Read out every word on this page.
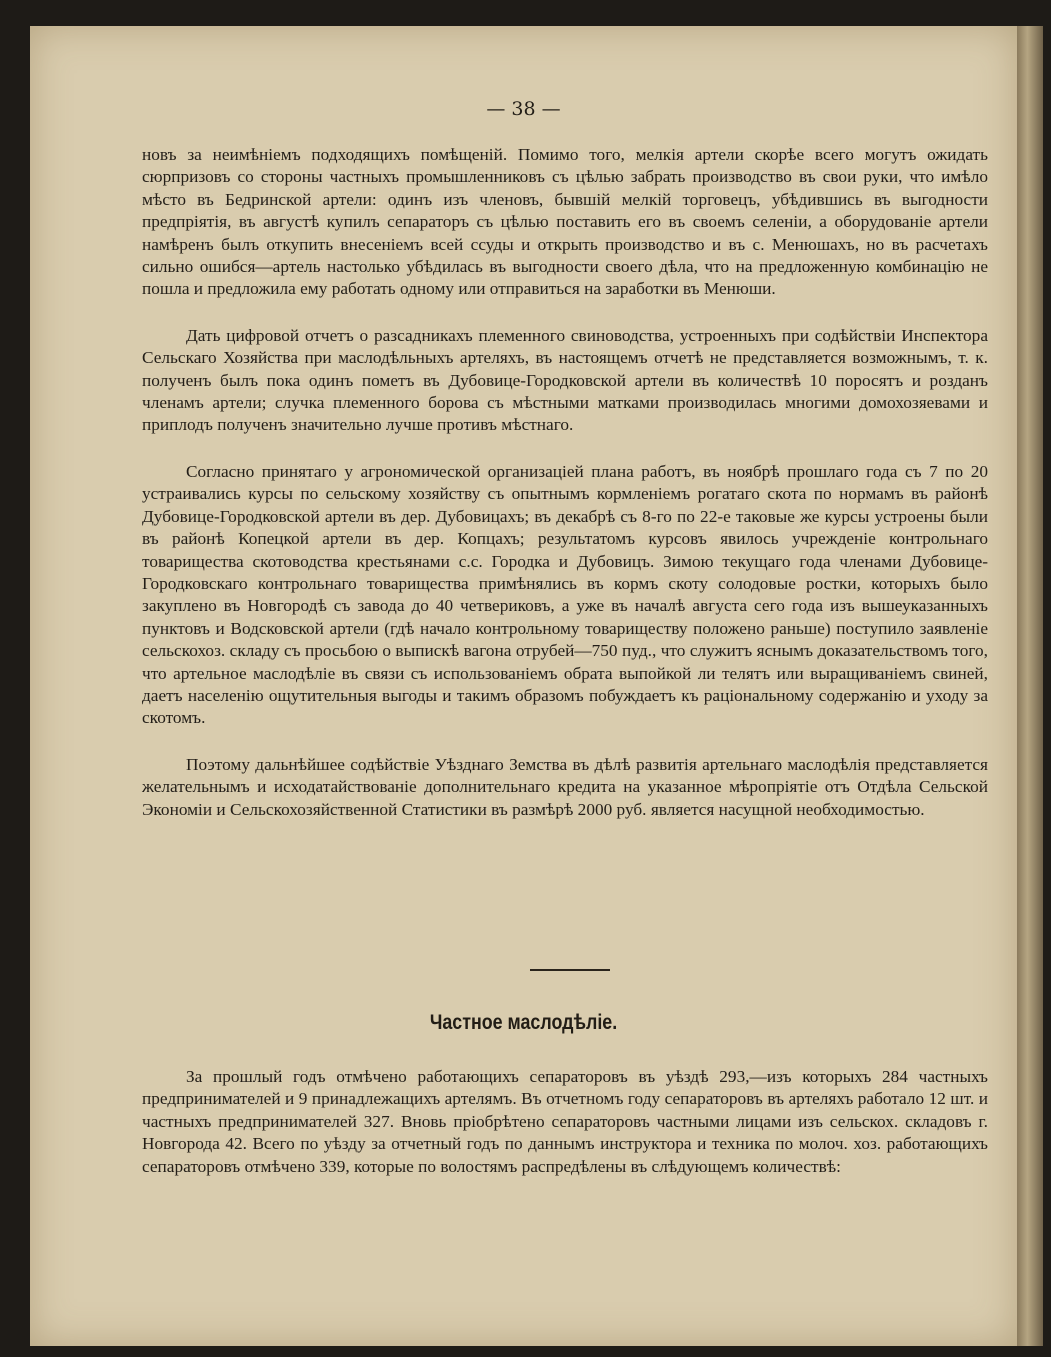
— 38 —

новъ за неимѣніемъ подходящихъ помѣщеній. Помимо того, мелкія артели скорѣе всего могутъ ожидать сюрпризовъ со стороны частныхъ промышленниковъ съ цѣлью забрать производство въ свои руки, что имѣло мѣсто въ Бедринской артели: одинъ изъ членовъ, бывшій мелкій торговецъ, убѣдившись въ выгодности предпріятія, въ августѣ купилъ сепараторъ съ цѣлью поставить его въ своемъ селеніи, а оборудованіе артели намѣренъ былъ откупить внесеніемъ всей ссуды и открыть производство и въ с. Менюшахъ, но въ расчетахъ сильно ошибся—артель настолько убѣдилась въ выгодности своего дѣла, что на предложенную комбинацію не пошла и предложила ему работать одному или отправиться на заработки въ Менюши.

Дать цифровой отчетъ о разсадникахъ племенного свиноводства, устроенныхъ при содѣйствіи Инспектора Сельскаго Хозяйства при маслодѣльныхъ артеляхъ, въ настоящемъ отчетѣ не представляется возможнымъ, т. к. полученъ былъ пока одинъ пометъ въ Дубовице-Городковской артели въ количествѣ 10 поросятъ и розданъ членамъ артели; случка племенного борова съ мѣстными матками производилась многими домохозяевами и приплодъ полученъ значительно лучше противъ мѣстнаго.

Согласно принятаго у агрономической организаціей плана работъ, въ ноябрѣ прошлаго года съ 7 по 20 устраивались курсы по сельскому хозяйству съ опытнымъ кормленіемъ рогатаго скота по нормамъ въ районѣ Дубовице-Городковской артели въ дер. Дубовицахъ; въ декабрѣ съ 8-го по 22-е таковые же курсы устроены были въ районѣ Копецкой артели въ дер. Копцахъ; результатомъ курсовъ явилось учрежденіе контрольнаго товарищества скотоводства крестьянами с.с. Городка и Дубовицъ. Зимою текущаго года членами Дубовице-Городковскаго контрольнаго товарищества примѣнялись въ кормъ скоту солодовые ростки, которыхъ было закуплено въ Новгородѣ съ завода до 40 четвериковъ, а уже въ началѣ августа сего года изъ вышеуказанныхъ пунктовъ и Водсковской артели (гдѣ начало контрольному товариществу положено раньше) поступило заявленіе сельскохоз. складу съ просьбою о выпискѣ вагона отрубей—750 пуд., что служитъ яснымъ доказательствомъ того, что артельное маслодѣліе въ связи съ использованіемъ обрата выпойкой ли телятъ или выращиваніемъ свиней, даетъ населенію ощутительныя выгоды и такимъ образомъ побуждаетъ къ раціональному содержанію и уходу за скотомъ.

Поэтому дальнѣйшее содѣйствіе Уѣзднаго Земства въ дѣлѣ развитія артельнаго маслодѣлія представляется желательнымъ и исходатайствованіе дополнительнаго кредита на указанное мѣропріятіе отъ Отдѣла Сельской Экономіи и Сельскохозяйственной Статистики въ размѣрѣ 2000 руб. является насущной необходимостью.

Частное маслодѣліе.

За прошлый годъ отмѣчено работающихъ сепараторовъ въ уѣздѣ 293,—изъ которыхъ 284 частныхъ предпринимателей и 9 принадлежащихъ артелямъ. Въ отчетномъ году сепараторовъ въ артеляхъ работало 12 шт. и частныхъ предпринимателей 327. Вновь пріобрѣтено сепараторовъ частными лицами изъ сельскох. складовъ г. Новгорода 42. Всего по уѣзду за отчетный годъ по даннымъ инструктора и техника по молоч. хоз. работающихъ сепараторовъ отмѣчено 339, которые по волостямъ распредѣлены въ слѣдующемъ количествѣ:
